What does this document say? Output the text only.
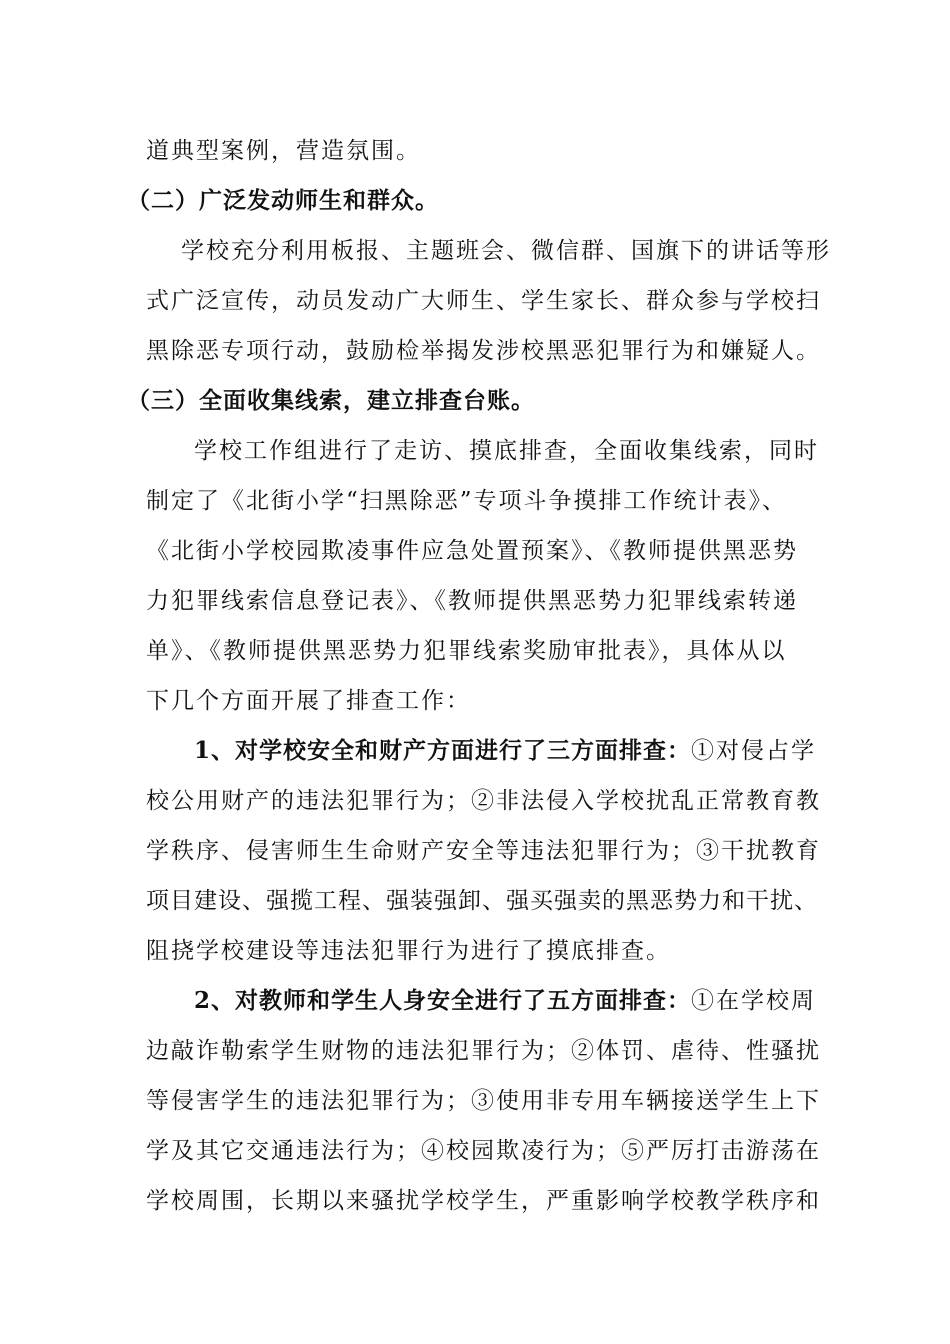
道典型案例，营造氛围。
（二）广泛发动师生和群众。
学校充分利用板报、主题班会、微信群、国旗下的讲话等形
式广泛宣传，动员发动广大师生、学生家长、群众参与学校扫
黑除恶专项行动，鼓励检举揭发涉校黑恶犯罪行为和嫌疑人。
（三）全面收集线索，建立排查台账。
学校工作组进行了走访、摸底排查，全面收集线索，同时
制定了《北街小学“扫黑除恶”专项斗争摸排工作统计表》、
《北街小学校园欺凌事件应急处置预案》、《教师提供黑恶势
力犯罪线索信息登记表》、《教师提供黑恶势力犯罪线索转递
单》、《教师提供黑恶势力犯罪线索奖励审批表》，具体从以
下几个方面开展了排查工作：
1、对学校安全和财产方面进行了三方面排查：①对侵占学
校公用财产的违法犯罪行为；②非法侵入学校扰乱正常教育教
学秩序、侵害师生生命财产安全等违法犯罪行为；③干扰教育
项目建设、强揽工程、强装强卸、强买强卖的黑恶势力和干扰、
阻挠学校建设等违法犯罪行为进行了摸底排查。
2、对教师和学生人身安全进行了五方面排查：①在学校周
边敲诈勒索学生财物的违法犯罪行为；②体罚、虐待、性骚扰
等侵害学生的违法犯罪行为；③使用非专用车辆接送学生上下
学及其它交通违法行为；④校园欺凌行为；⑤严厉打击游荡在
学校周围，长期以来骚扰学校学生，严重影响学校教学秩序和
